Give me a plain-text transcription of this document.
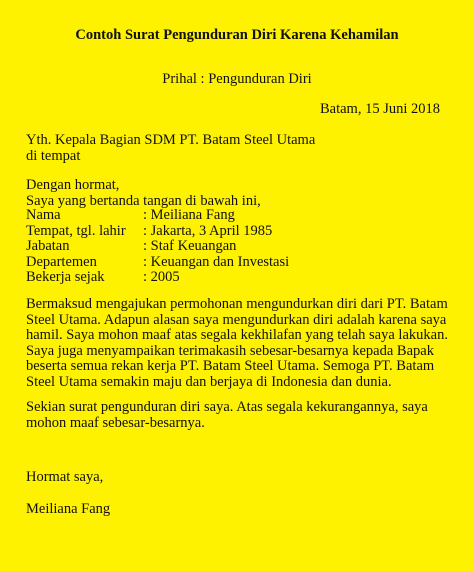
Contoh Surat Pengunduran Diri Karena Kehamilan
Prihal : Pengunduran Diri
Batam, 15 Juni 2018
Yth. Kepala Bagian SDM PT. Batam Steel Utama
di tempat
Dengan hormat,
Saya yang bertanda tangan di bawah ini,
Nama	: Meiliana Fang
Tempat, tgl. lahir	: Jakarta, 3 April 1985
Jabatan	: Staf Keuangan
Departemen	: Keuangan dan Investasi
Bekerja sejak	: 2005
Bermaksud mengajukan permohonan mengundurkan diri dari PT. Batam Steel Utama. Adapun alasan saya mengundurkan diri adalah karena saya hamil. Saya mohon maaf atas segala kekhilafan yang telah saya lakukan. Saya juga menyampaikan terimakasih sebesar-besarnya kepada Bapak beserta semua rekan kerja PT. Batam Steel Utama. Semoga PT. Batam Steel Utama semakin maju dan berjaya di Indonesia dan dunia.
Sekian surat pengunduran diri saya. Atas segala kekurangannya, saya mohon maaf sebesar-besarnya.
Hormat saya,
Meiliana Fang
